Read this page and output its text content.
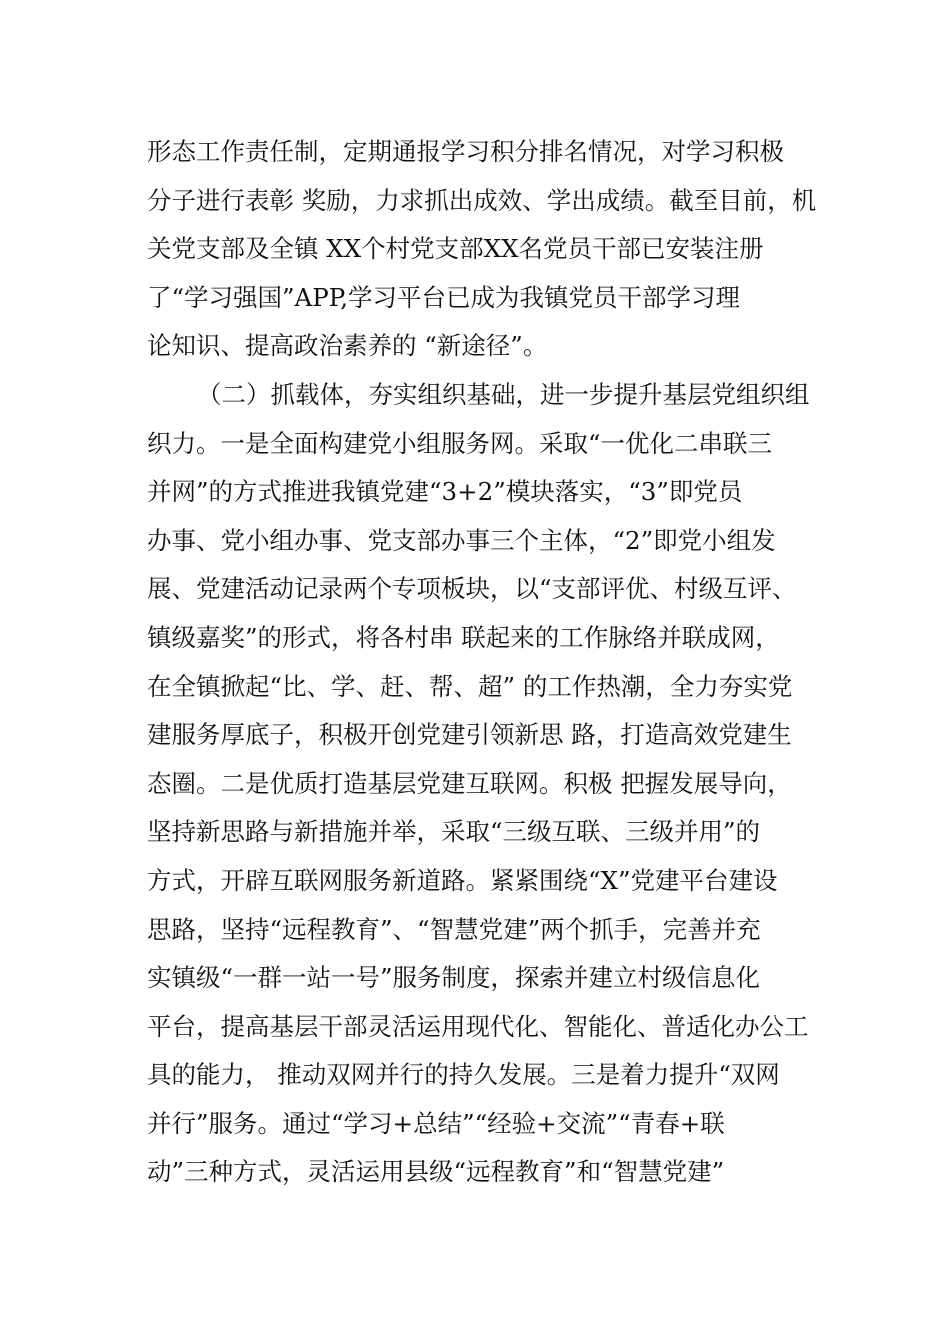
形态工作责任制，定期通报学习积分排名情况，对学习积极
分子进行表彰 奖励，力求抓出成效、学出成绩。截至目前，机
关党支部及全镇 XX个村党支部XX名党员干部已安装注册
了“学习强国”APP,学习平台已成为我镇党员干部学习理
论知识、提高政治素养的 “新途径”。
（二）抓载体，夯实组织基础，进一步提升基层党组织组
织力。一是全面构建党小组服务网。采取“一优化二串联三
并网”的方式推进我镇党建“3+2”模块落实，“3”即党员
办事、党小组办事、党支部办事三个主体，“2”即党小组发
展、党建活动记录两个专项板块，以“支部评优、村级互评、
镇级嘉奖”的形式，将各村串 联起来的工作脉络并联成网，
在全镇掀起“比、学、赶、帮、超” 的工作热潮，全力夯实党
建服务厚底子，积极开创党建引领新思 路，打造高效党建生
态圈。二是优质打造基层党建互联网。积极 把握发展导向，
坚持新思路与新措施并举，采取“三级互联、三级并用”的
方式，开辟互联网服务新道路。紧紧围绕“X”党建平台建设
思路，坚持“远程教育”、“智慧党建”两个抓手，完善并充
实镇级“一群一站一号”服务制度，探索并建立村级信息化
平台，提高基层干部灵活运用现代化、智能化、普适化办公工
具的能力， 推动双网并行的持久发展。三是着力提升“双网
并行”服务。通过“学习+总结”“经验+交流”“青春+联
动”三种方式，灵活运用县级“远程教育”和“智慧党建”
